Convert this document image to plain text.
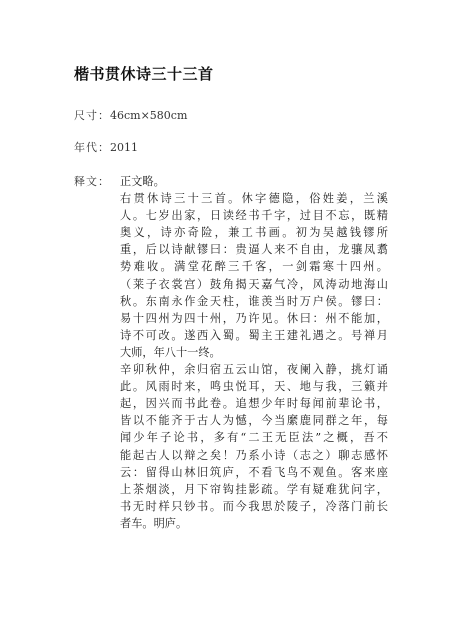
楷书贯休诗三十三首
尺寸：46cm×580cm
年代：2011
释文： 正文略。
右贯休诗三十三首。休字德隐，俗姓姜，兰溪
人。七岁出家，日读经书千字，过目不忘，既精
奥义，诗亦奇险，兼工书画。初为吴越钱镠所
重，后以诗献镠曰：贵逼人来不自由，龙骧凤翥
势难收。满堂花醉三千客，一剑霜寒十四州。
（莱子衣裳宫）鼓角揭天嘉气冷，风涛动地海山
秋。东南永作金天柱，谁羡当时万户侯。镠曰：
易十四州为四十州，乃许见。休曰：州不能加，
诗不可改。遂西入蜀。蜀主王建礼遇之。号禅月
大师，年八十一终。
辛卯秋仲，余归宿五云山馆，夜阑入静，挑灯诵
此。风雨时来，鸣虫悦耳，天、地与我，三籁并
起，因兴而书此卷。追想少年时每闻前辈论书，
皆以不能齐于古人为憾，今当縻鹿同群之年，每
闻少年子论书，多有“二王无臣法”之概，吾不
能起古人以辩之矣！乃系小诗（志之）聊志感怀
云：留得山林旧筑庐，不看飞鸟不观鱼。客来座
上茶烟淡，月下帘钩挂影疏。学有疑难犹问字，
书无时样只钞书。而今我思於陵子，冷落门前长
者车。明庐。
